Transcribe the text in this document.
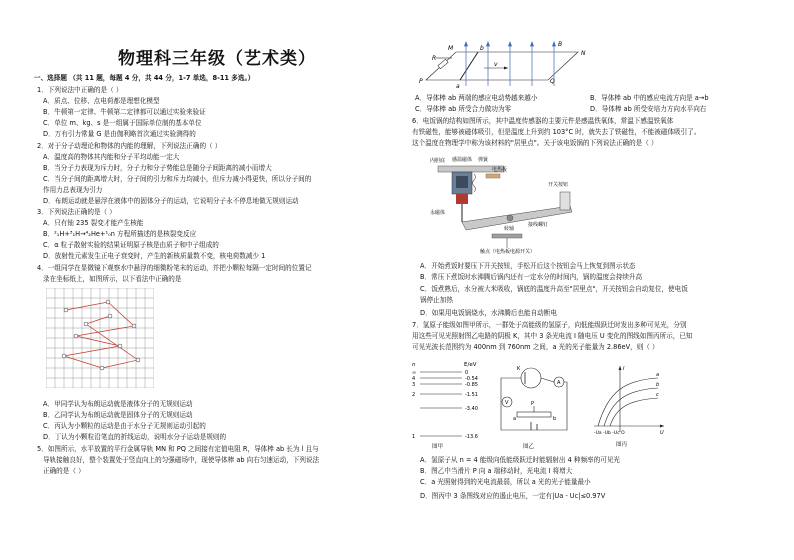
物理科三年级（艺术类）
一、选择题 （共 11 题，每题 4 分，共 44 分，1-7 单选，8-11 多选。）
1．下列说法中正确的是（ ）
A．质点、位移、点电荷都是理想化模型
B．牛顿第一定律、牛顿第二定律都可以通过实验来验证
C．单位 m、kg、s 是一组属于国际单位制的基本单位
D．万有引力常量 G 是由伽利略首次通过实验测得的
2．对于分子动理论和物体的内能的理解，下列说法正确的（ ）
A．温度高的物体其内能和分子平均动能一定大
B．当分子力表现为斥力时，分子力和分子势能总是随分子间距离的减小而增大
C．当分子间的距离增大时，分子间的引力和斥力均减小，但斥力减小得更快，所以分子间的
作用力总表现为引力
D．布朗运动就是悬浮在液体中的固体分子的运动，它说明分子永不停息地做无规则运动
3．下列说法正确的是（ ）
A．只有铀 235 裂变才能产生核能
B．²₁H+³₁H→⁴₂He+¹₀n 方程所描述的是核裂变反应
C．α 粒子散射实验的结果证明原子核是由质子和中子组成的
D．放射性元素发生正电子衰变时，产生的新核质量数不变，核电荷数减少 1
4．一组同学在显微镜下观察水中悬浮的细微粉笔末的运动，并把小颗粒每隔一定时间的位置记
录在坐标纸上，如图所示，以下看法中正确的是
A．甲同学认为布朗运动就是液体分子的无规则运动
B．乙同学认为布朗运动就是固体分子的无规则运动
C．丙认为小颗粒的运动是由于水分子无规则运动引起的
D．丁认为小颗粒沿笔直的折线运动，说明水分子运动是规则的
5．如图所示，水平放置的平行金属导轨 MN 和 PQ 之间接有定值电阻 R，导体棒 ab 长为 l 且与
导轨接触良好，整个装置处于竖直向上的匀强磁场中，现使导体棒 ab 向右匀速运动，下列说法
正确的是（ ）
M
N
P	Q
R
a
b
v
B
A．导体棒 ab 两端的感应电动势越来越小	B．导体棒 ab 中的感应电流方向是 a→b
C．导体棒 ab 所受合力做功为零	D．导体棒 ab 所受安培力方向水平向右
6．电饭锅的结构如图所示，其中温度传感器的主要元件是感温铁氧体，常温下感温铁氧体
有铁磁性，能够被磁体吸引，但是温度上升到约 103°C 时，就失去了铁磁性，不能被磁体吸引了。
这个温度在物理学中称为该材料的"居里点"。关于该电饭锅的下列说法正确的是（ ）
内胆底 感温磁体 弹簧
电热板
永磁体
转轴
开关按钮
接线螺钉
触点（电热板电源开关）
A．开始煮饭时要压下开关按钮，手松开后这个按钮会马上恢复到图示状态
B．常压下煮饭时水沸腾后锅内还有一定水分的时间内，锅的温度会持续升高
C．饭煮熟后，水分被大米吸收，锅底的温度升高至"居里点"，开关按钮会自动复位，使电饭
锅停止加热
D．如果用电饭锅烧水，水沸腾后也能自动断电
7．氢原子能级如图甲所示，一群处于高能级的氢原子，向低能级跃迁时发出多种可见光，分别
用这些可见光照射图乙电路的阴极 K，其中 3 条光电流 I 随电压 U 变化的图线如图丙所示，已知
可见光波长范围约为 400nm 到 760nm 之间，a 光的光子能量为 2.86eV，则（ ）
n	E/eV
∞	0
4	-0.54
3	-0.85
2	-1.51
-3.40
1	-13.6
图甲
K
A
V	P
a	b
图乙
a
b
c
I
U
-Ua -Ub -Uc O
图丙
A．氢原子从 n = 4 能级向低能级跃迁时能辐射出 4 种频率的可见光
B．图乙中当滑片 P 向 a 端移动时，光电流 I 将增大
C．a 光照射得到的光电流最弱，所以 a 光的光子能量最小
D．图丙中 3 条图线对应的遏止电压，一定有|Ua - Uc|≤0.97V
